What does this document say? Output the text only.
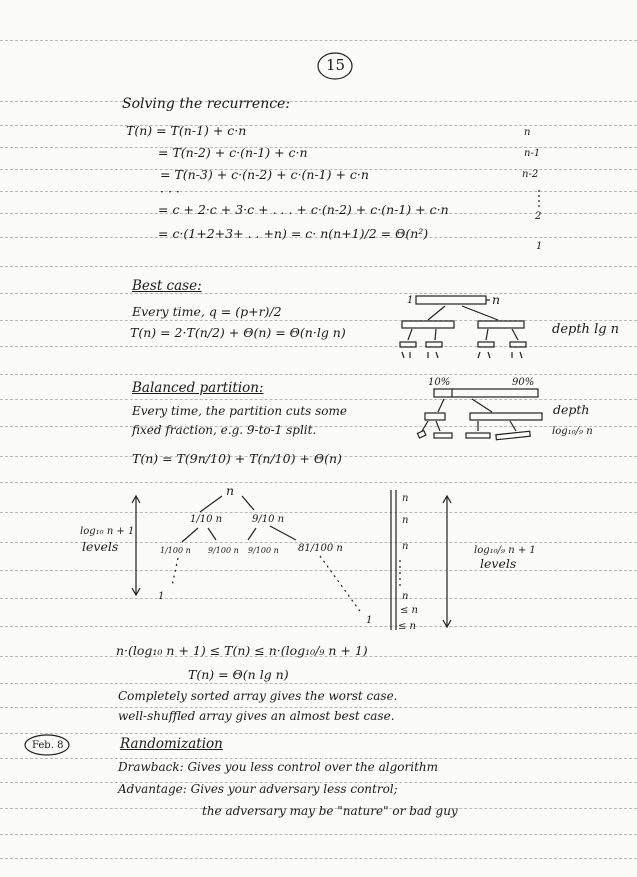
15
Solving the recurrence:
T(n) = T(n-1) + c·n
= T(n-2) + c·(n-1) + c·n
= T(n-3) + c·(n-2) + c·(n-1) + c·n
· · ·
= c + 2·c + 3·c + . . . + c·(n-2) + c·(n-1) + c·n
= c·(1+2+3+ . . +n) = c· n(n+1)/2 = Θ(n²)
n
n-1
n-2
2
1
Best case:
Every time, q = (p+r)/2
T(n) = 2·T(n/2) + Θ(n) = Θ(n·lg n)
1	n
depth lg n
Balanced partition:
Every time, the partition cuts some
fixed fraction, e.g. 9-to-1 split.
T(n) = T(9n/10) + T(n/10) + Θ(n)
10%	90%
depth
log₁₀/₉ n
n
1/10 n	9/10 n
1/100 n 9/100 n 9/100 n 81/100 n
1
1
log₁₀ n + 1
levels	log₁₀/₉ n + 1
levels
n
n
n
n
≤ n
≤ n
n·(log₁₀ n + 1) ≤ T(n) ≤ n·(log₁₀/₉ n + 1)
T(n) = Θ(n lg n)
Completely sorted array gives the worst case.
well-shuffled array gives an almost best case.
Feb. 8	Randomization
Drawback: Gives you less control over the algorithm
Advantage: Gives your adversary less control;
the adversary may be "nature" or bad guy
